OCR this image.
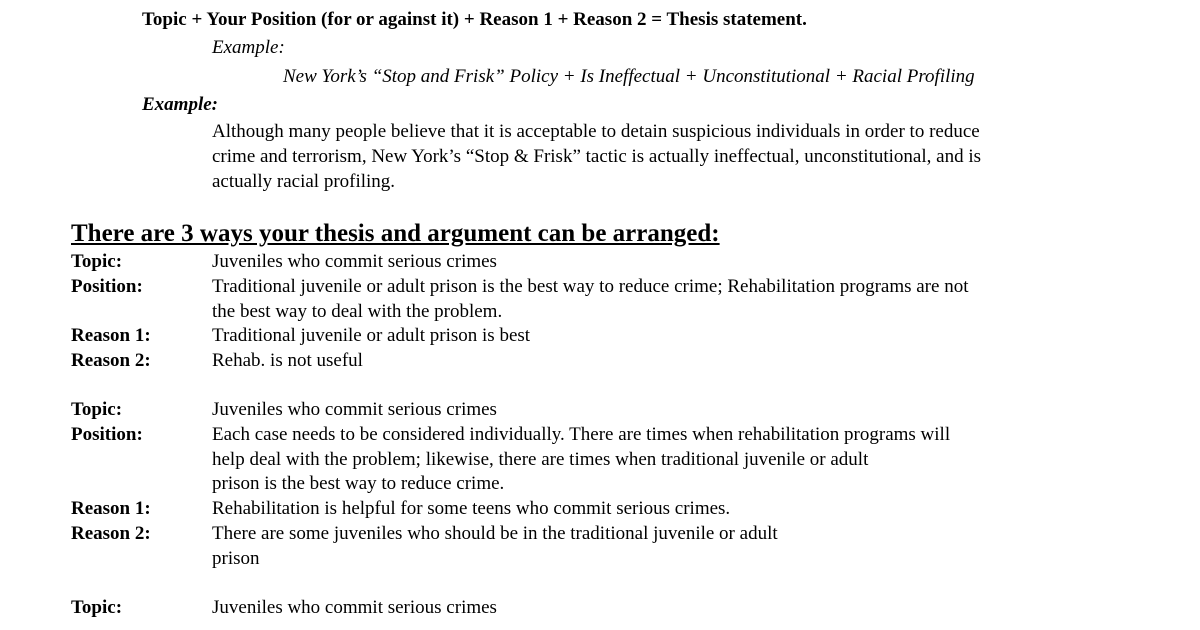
Topic + Your Position (for or against it) + Reason 1 + Reason 2 = Thesis statement.
Example:
New York’s “Stop and Frisk” Policy + Is Ineffectual + Unconstitutional + Racial Profiling
Example:
Although many people believe that it is acceptable to detain suspicious individuals in order to reduce
crime and terrorism, New York’s “Stop & Frisk” tactic is actually ineffectual, unconstitutional, and is
actually racial profiling.
There are 3 ways your thesis and argument can be arranged:
Topic:	Juveniles who commit serious crimes
Position:	Traditional juvenile or adult prison is the best way to reduce crime; Rehabilitation programs are not
the best way to deal with the problem.
Reason 1:	Traditional juvenile or adult prison is best
Reason 2:	Rehab. is not useful
Topic:	Juveniles who commit serious crimes
Position:	Each case needs to be considered individually. There are times when rehabilitation programs will
help deal with the problem; likewise, there are times when traditional juvenile or adult
prison is the best way to reduce crime.
Reason 1:	Rehabilitation is helpful for some teens who commit serious crimes.
Reason 2:	There are some juveniles who should be in the traditional juvenile or adult
prison
Topic:	Juveniles who commit serious crimes
